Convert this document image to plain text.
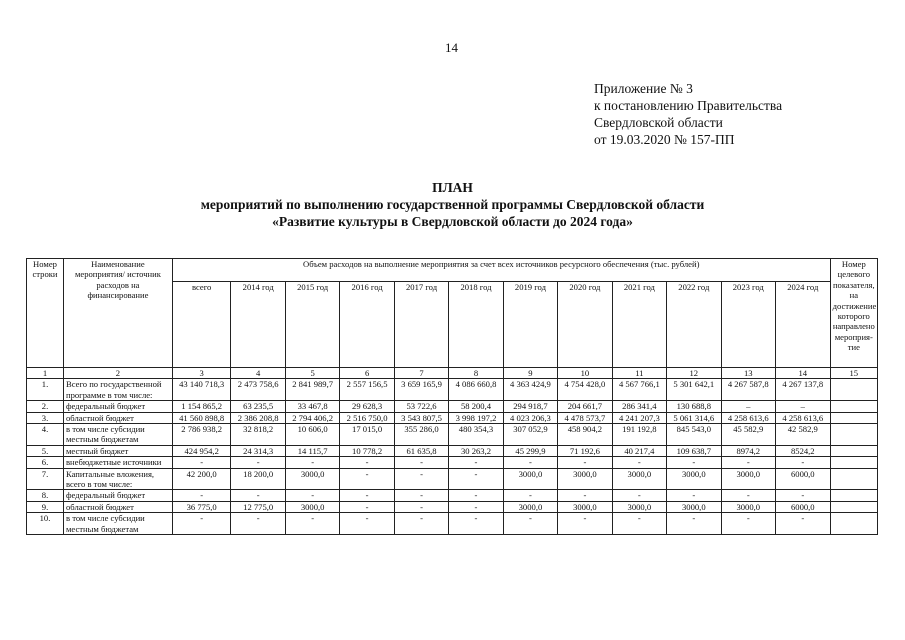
14
Приложение № 3
к постановлению Правительства
Свердловской области
от 19.03.2020 № 157-ПП
ПЛАН
мероприятий по выполнению государственной программы Свердловской области
«Развитие культуры в Свердловской области до 2024 года»
Номер строки	Наименование мероприятия/ источник расходов на финансирование	Объем расходов на выполнение мероприятия за счет всех источников ресурсного обеспечения (тыс. рублей)												Номер целевого показателя, на достижение которого направлено мероприя-тие
		всего	2014 год	2015 год	2016 год	2017 год	2018 год	2019 год	2020 год	2021 год	2022 год	2023 год	2024 год	
1	2	3	4	5	6	7	8	9	10	11	12	13	14	15
1.	Всего по государственной программе в том числе:	43 140 718,3	2 473 758,6	2 841 989,7	2 557 156,5	3 659 165,9	4 086 660,8	4 363 424,9	4 754 428,0	4 567 766,1	5 301 642,1	4 267 587,8	4 267 137,8	
2.	федеральный бюджет	1 154 865,2	63 235,5	33 467,8	29 628,3	53 722,6	58 200,4	294 918,7	204 661,7	286 341,4	130 688,8	–	–	
3.	областной бюджет	41 560 898,8	2 386 208,8	2 794 406,2	2 516 750,0	3 543 807,5	3 998 197,2	4 023 206,3	4 478 573,7	4 241 207,3	5 061 314,6	4 258 613,6	4 258 613,6	
4.	в том числе субсидии местным бюджетам	2 786 938,2	32 818,2	10 606,0	17 015,0	355 286,0	480 354,3	307 052,9	458 904,2	191 192,8	845 543,0	45 582,9	42 582,9	
5.	местный бюджет	424 954,2	24 314,3	14 115,7	10 778,2	61 635,8	30 263,2	45 299,9	71 192,6	40 217,4	109 638,7	8974,2	8524,2	
6.	внебюджетные источники	-	-	-	-	-	-	-	-	-	-	-	-	
7.	Капитальные вложения, всего в том числе:	42 200,0	18 200,0	3000,0	-	-	-	3000,0	3000,0	3000,0	3000,0	3000,0	6000,0	
8.	федеральный бюджет	-	-	-	-	-	-	-	-	-	-	-	-	
9.	областной бюджет	36 775,0	12 775,0	3000,0	-	-	-	3000,0	3000,0	3000,0	3000,0	3000,0	6000,0	
10.	в том числе субсидии местным бюджетам	-	-	-	-	-	-	-	-	-	-	-	-	
